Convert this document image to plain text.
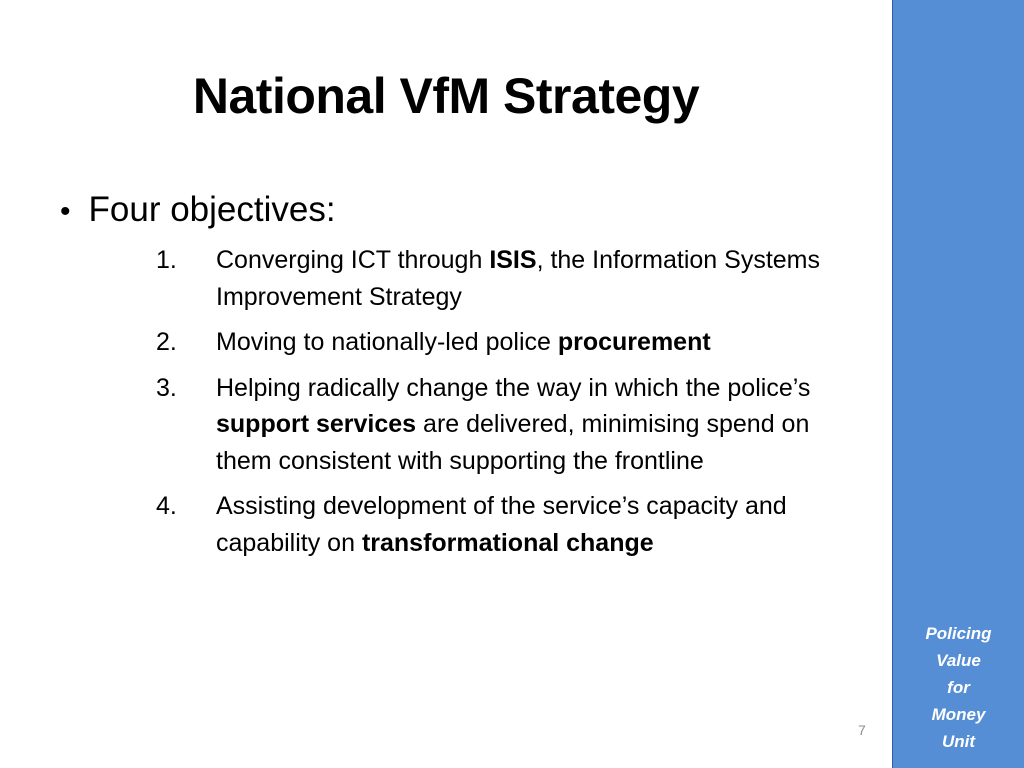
National VfM Strategy
• Four objectives:
1.	Converging ICT through ISIS, the Information Systems Improvement Strategy
2.	Moving to nationally-led police procurement
3.	Helping radically change the way in which the police’s support services are delivered, minimising spend on them consistent with supporting the frontline
4.	Assisting development of the service’s capacity and capability on transformational change
7
Policing
Value
for
Money
Unit
